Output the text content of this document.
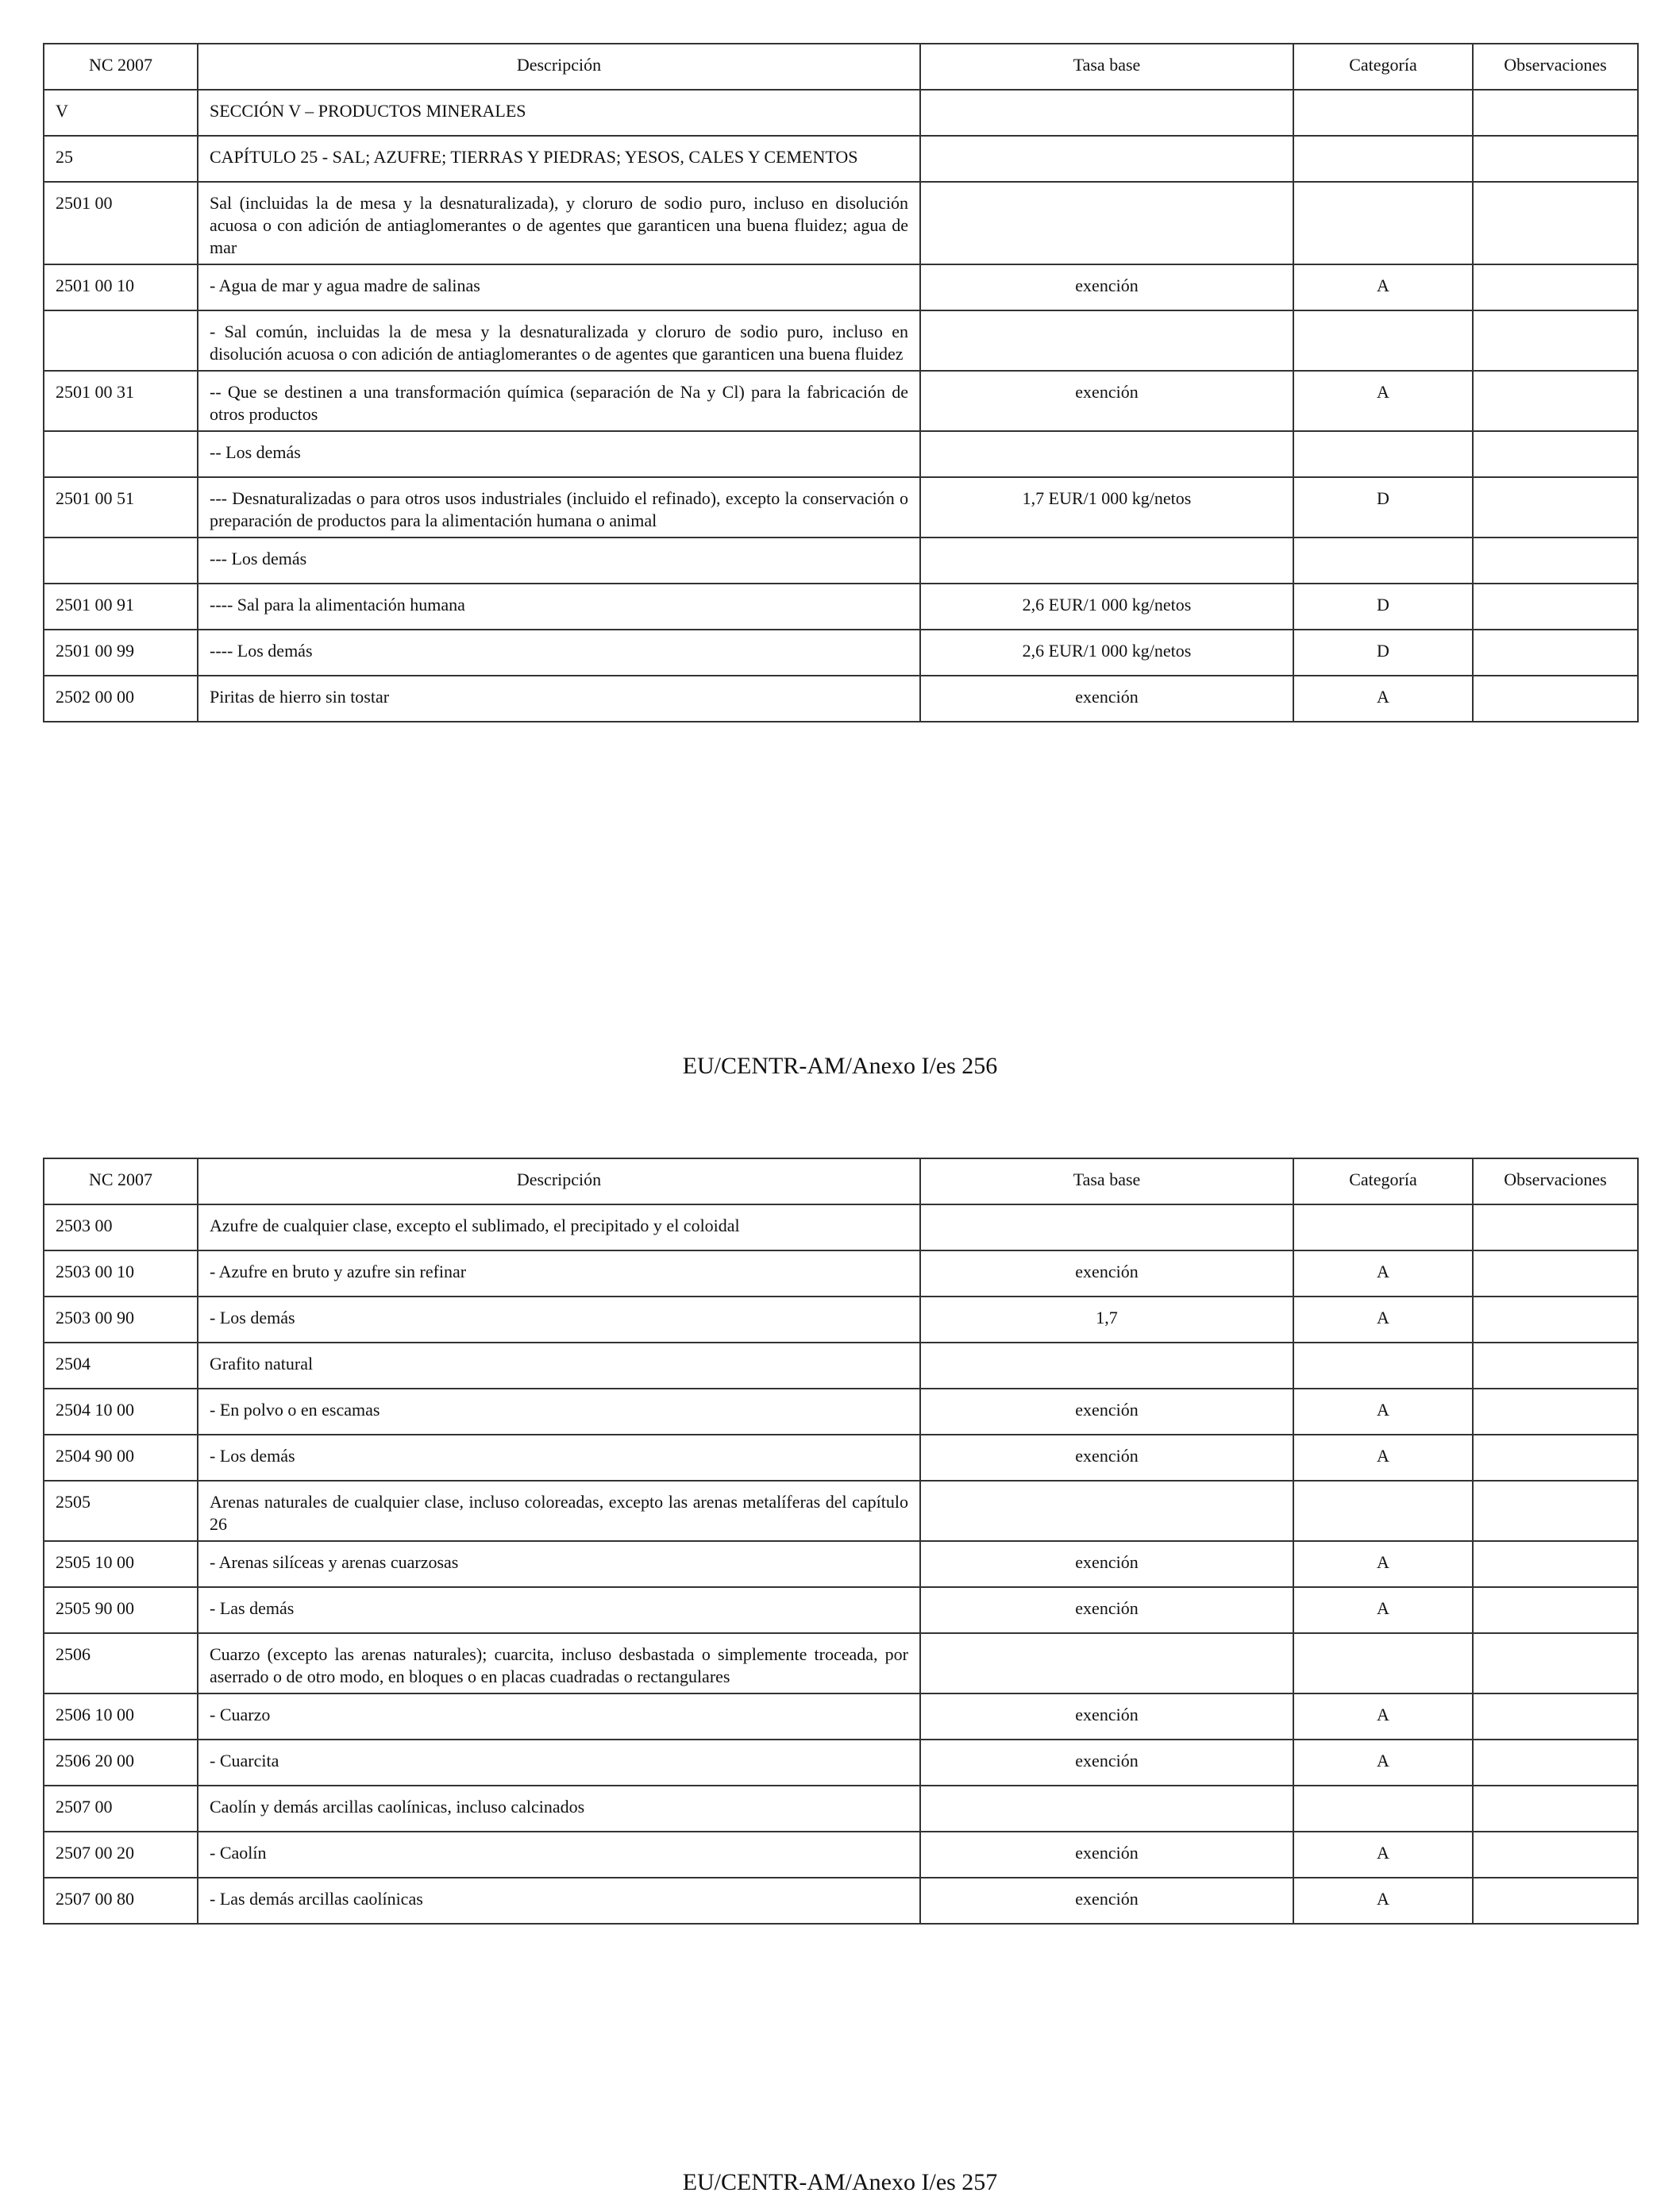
NC 2007	Descripción	Tasa base	Categoría	Observaciones
V	SECCIÓN V – PRODUCTOS MINERALES			
25	CAPÍTULO 25 - SAL; AZUFRE; TIERRAS Y PIEDRAS; YESOS, CALES Y CEMENTOS			
2501 00	Sal (incluidas la de mesa y la desnaturalizada), y cloruro de sodio puro, incluso en disolución acuosa o con adición de antiaglomerantes o de agentes que garanticen una buena fluidez; agua de mar			
2501 00 10	- Agua de mar y agua madre de salinas	exención	A	
	- Sal común, incluidas la de mesa y la desnaturalizada y cloruro de sodio puro, incluso en disolución acuosa o con adición de antiaglomerantes o de agentes que garanticen una buena fluidez			
2501 00 31	-- Que se destinen a una transformación química (separación de Na y Cl) para la fabricación de otros productos	exención	A	
	-- Los demás			
2501 00 51	--- Desnaturalizadas o para otros usos industriales (incluido el refinado), excepto la conservación o preparación de productos para la alimentación humana o animal	1,7 EUR/1 000 kg/netos	D	
	--- Los demás			
2501 00 91	---- Sal para la alimentación humana	2,6 EUR/1 000 kg/netos	D	
2501 00 99	---- Los demás	2,6 EUR/1 000 kg/netos	D	
2502 00 00	Piritas de hierro sin tostar	exención	A	
EU/CENTR-AM/Anexo I/es 256
NC 2007	Descripción	Tasa base	Categoría	Observaciones
2503 00	Azufre de cualquier clase, excepto el sublimado, el precipitado y el coloidal			
2503 00 10	- Azufre en bruto y azufre sin refinar	exención	A	
2503 00 90	- Los demás	1,7	A	
2504	Grafito natural			
2504 10 00	- En polvo o en escamas	exención	A	
2504 90 00	- Los demás	exención	A	
2505	Arenas naturales de cualquier clase, incluso coloreadas, excepto las arenas metalíferas del capítulo 26			
2505 10 00	- Arenas silíceas y arenas cuarzosas	exención	A	
2505 90 00	- Las demás	exención	A	
2506	Cuarzo (excepto las arenas naturales); cuarcita, incluso desbastada o simplemente troceada, por aserrado o de otro modo, en bloques o en placas cuadradas o rectangulares			
2506 10 00	- Cuarzo	exención	A	
2506 20 00	- Cuarcita	exención	A	
2507 00	Caolín y demás arcillas caolínicas, incluso calcinados			
2507 00 20	- Caolín	exención	A	
2507 00 80	- Las demás arcillas caolínicas	exención	A	
EU/CENTR-AM/Anexo I/es 257
